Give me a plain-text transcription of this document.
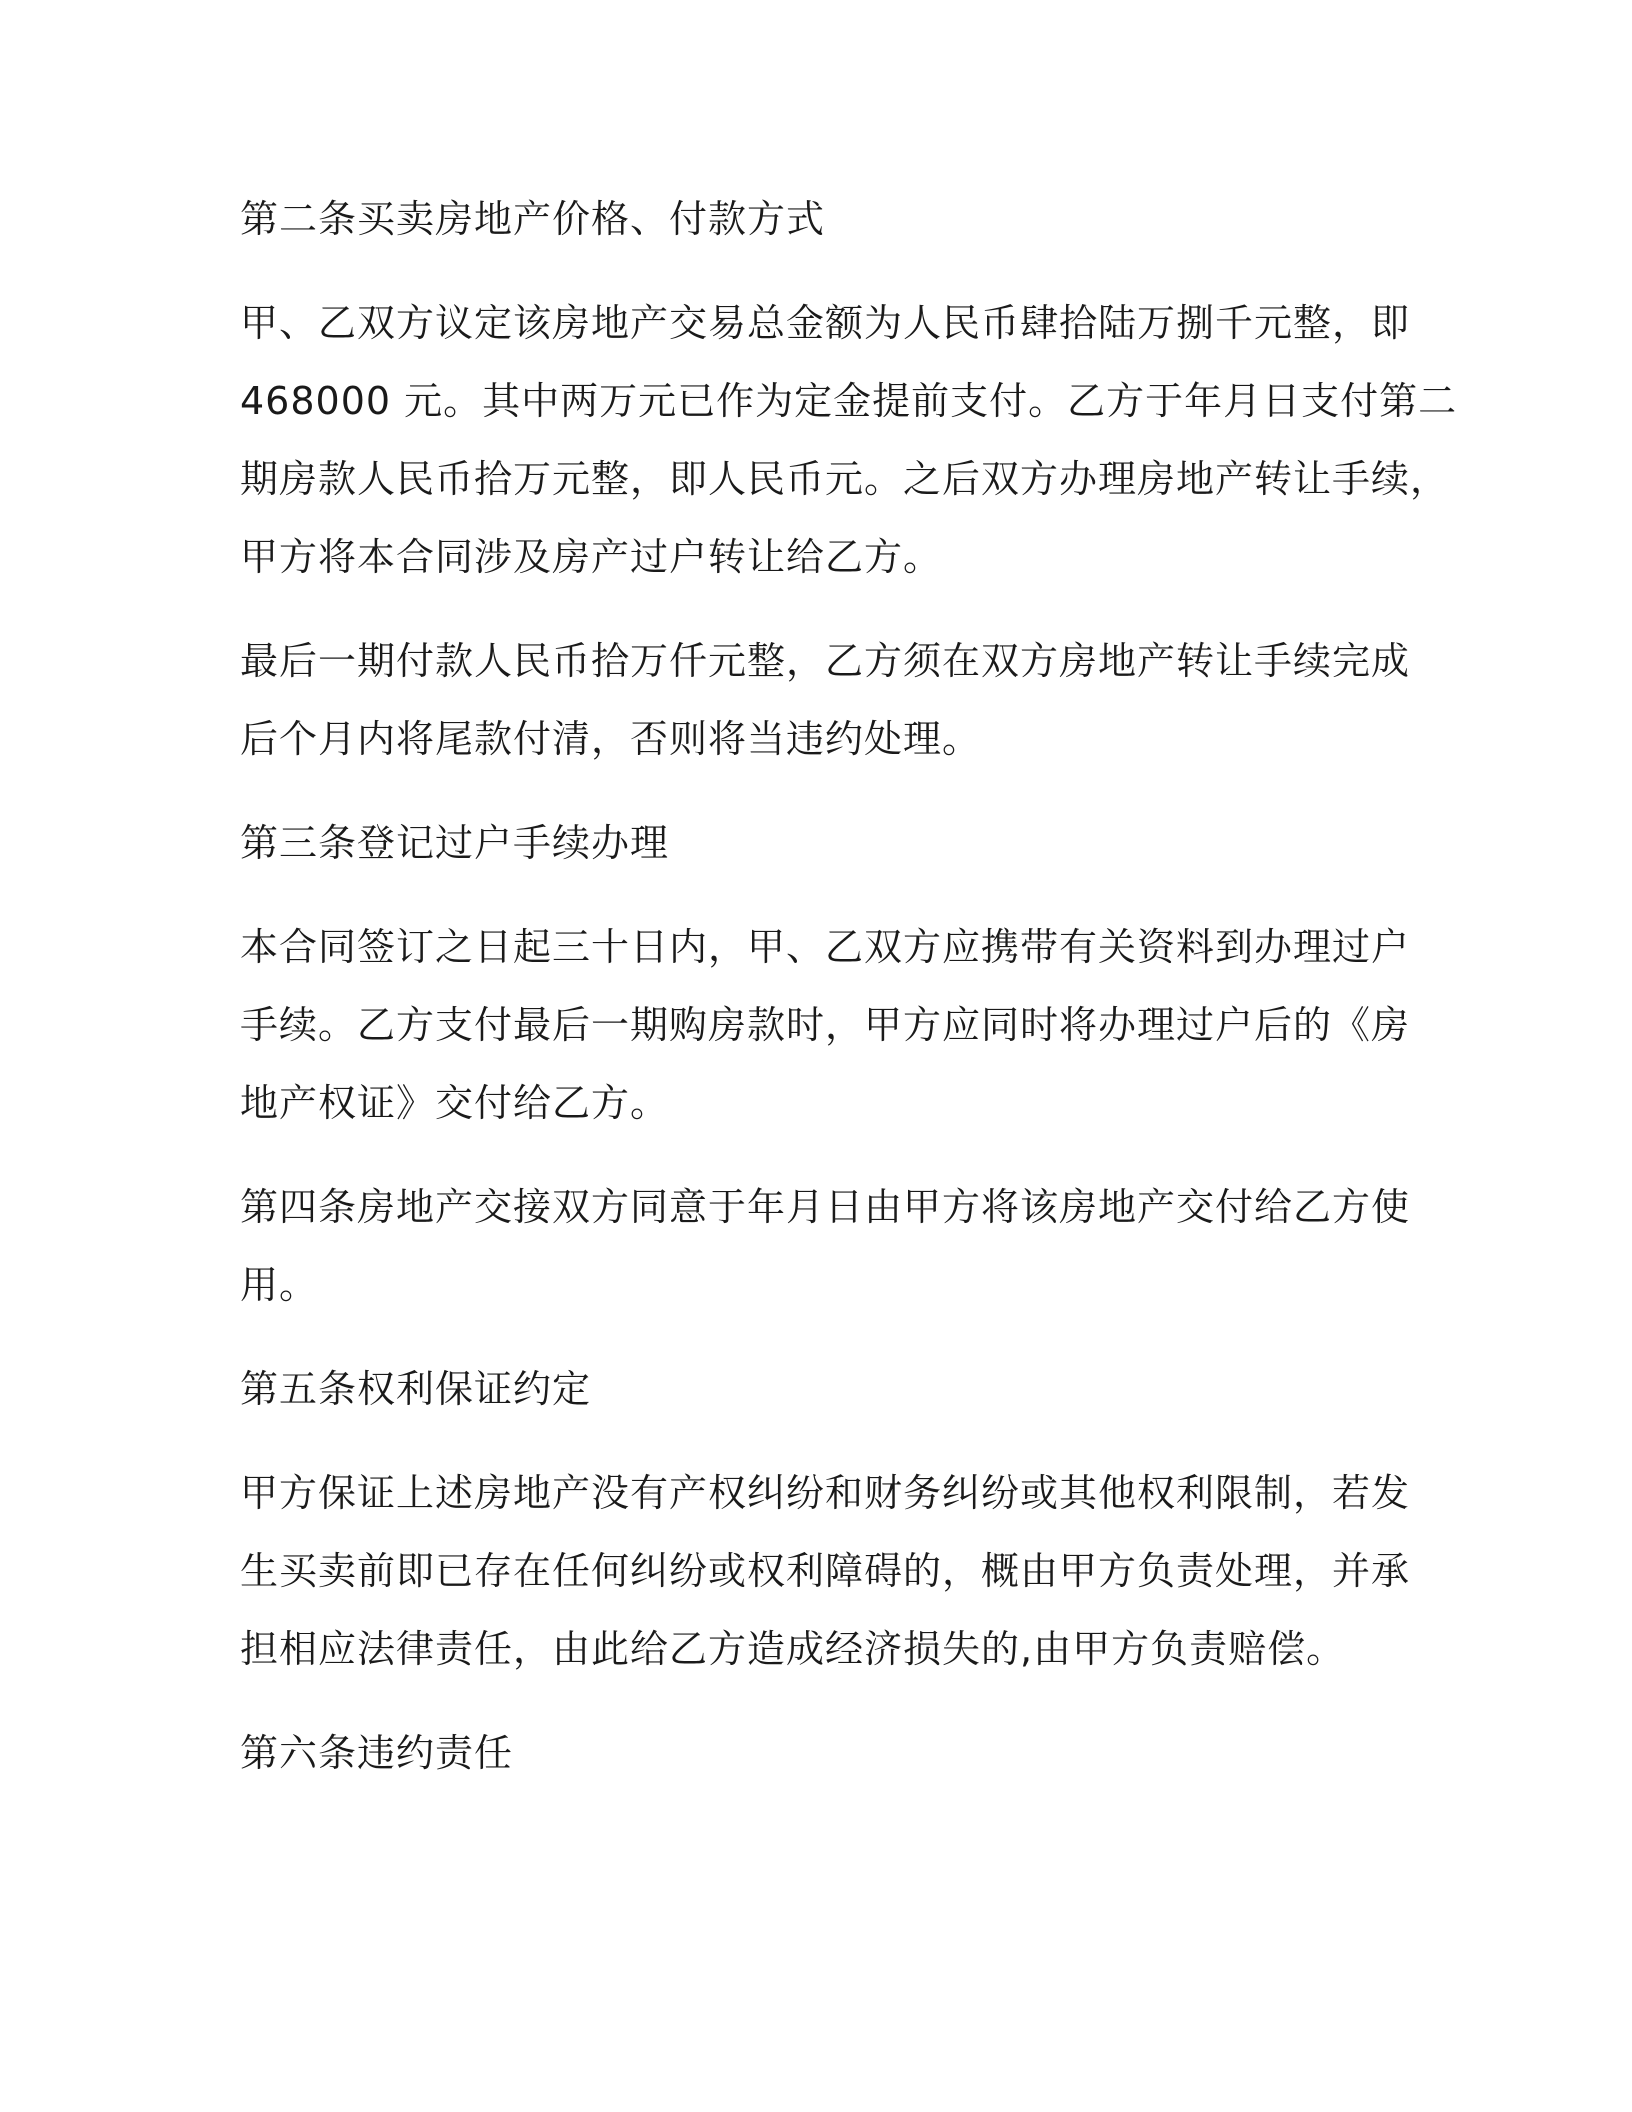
第二条买卖房地产价格、付款方式
甲、乙双方议定该房地产交易总金额为人民币肆拾陆万捌千元整，即
468000 元。其中两万元已作为定金提前支付。乙方于年月日支付第二
期房款人民币拾万元整，即人民币元。之后双方办理房地产转让手续，
甲方将本合同涉及房产过户转让给乙方。
最后一期付款人民币拾万仟元整，乙方须在双方房地产转让手续完成
后个月内将尾款付清，否则将当违约处理。
第三条登记过户手续办理
本合同签订之日起三十日内，甲、乙双方应携带有关资料到办理过户
手续。乙方支付最后一期购房款时，甲方应同时将办理过户后的《房
地产权证》交付给乙方。
第四条房地产交接双方同意于年月日由甲方将该房地产交付给乙方使
用。
第五条权利保证约定
甲方保证上述房地产没有产权纠纷和财务纠纷或其他权利限制，若发
生买卖前即已存在任何纠纷或权利障碍的，概由甲方负责处理，并承
担相应法律责任，由此给乙方造成经济损失的,由甲方负责赔偿。
第六条违约责任
